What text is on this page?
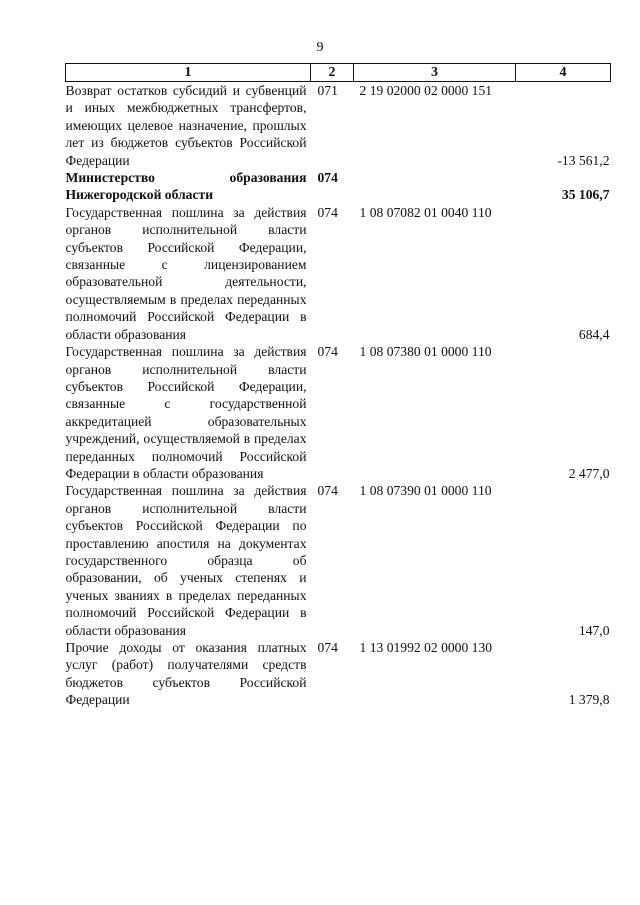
9
1	2	3	4
Возврат остатков субсидий и субвенций и иных межбюджетных трансфертов, имеющих целевое назначение, прошлых лет из бюджетов субъектов Российской Федерации	071	2 19 02000 02 0000 151	-13 561,2
Министерство образования Нижегородской области	074		35 106,7
Государственная пошлина за действия органов исполнительной власти субъектов Российской Федерации, связанные с лицензированием образовательной деятельности, осуществляемым в пределах переданных полномочий Российской Федерации в области образования	074	1 08 07082 01 0040 110	684,4
Государственная пошлина за действия органов исполнительной власти субъектов Российской Федерации, связанные с государственной аккредитацией образовательных учреждений, осуществляемой в пределах переданных полномочий Российской Федерации в области образования	074	1 08 07380 01 0000 110	2 477,0
Государственная пошлина за действия органов исполнительной власти субъектов Российской Федерации по проставлению апостиля на документах государственного образца об образовании, об ученых степенях и ученых званиях в пределах переданных полномочий Российской Федерации в области образования	074	1 08 07390 01 0000 110	147,0
Прочие доходы от оказания платных услуг (работ) получателями средств бюджетов субъектов Российской Федерации	074	1 13 01992 02 0000 130	1 379,8
